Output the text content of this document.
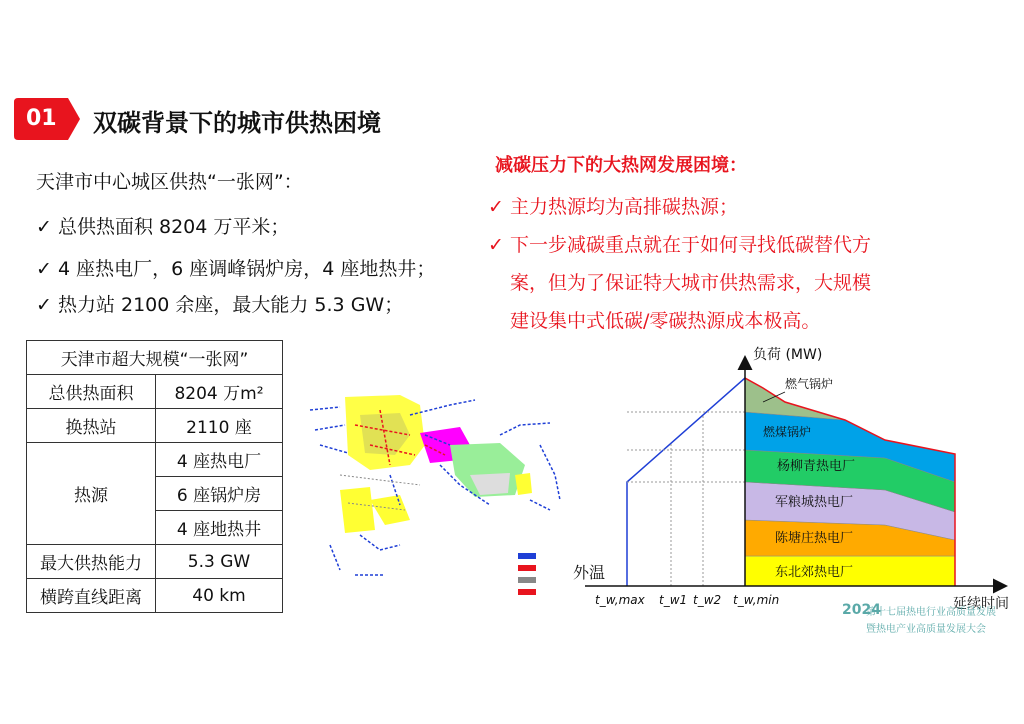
01 双碳背景下的城市供热困境
天津市中心城区供热“一张网”：
✓ 总供热面积 8204 万平米；
✓ 4 座热电厂，6 座调峰锅炉房，4 座地热井；
✓ 热力站 2100 余座，最大能力 5.3 GW；
减碳压力下的大热网发展困境：
✓ 主力热源均为高排碳热源；
✓ 下一步减碳重点就在于如何寻找低碳替代方
案，但为了保证特大城市供热需求，大规模
建设集中式低碳/零碳热源成本极高。
天津市超大规模“一张网”	
总供热面积	8204 万m²
换热站	2110 座
热源	4 座热电厂
	6 座锅炉房
	4 座地热井
最大供热能力	5.3 GW
横跨直线距离	40 km
负荷 (MW)
外温
延续时间
燃气锅炉
燃煤锅炉
杨柳青热电厂
军粮城热电厂
陈塘庄热电厂
东北郊热电厂
t_w,max t_w1 t_w2 t_w,min
2024
第十七届热电行业高质量发展
暨热电产业高质量发展大会
